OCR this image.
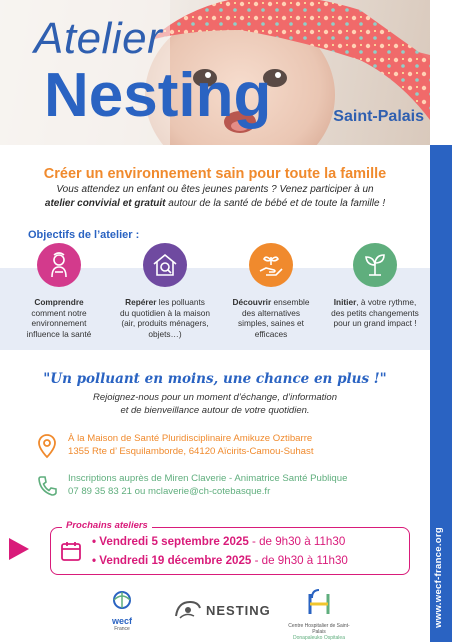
Atelier
Nesting	Saint-Palais
www.wecf-france.org
Créer un environnement sain pour toute la famille
Vous attendez un enfant ou êtes jeunes parents ? Venez participer à un
atelier convivial et gratuit autour de la santé de bébé et de toute la famille !
Objectifs de l’atelier :
Comprendre
comment notre environnement influence la santé
Repérer les polluants du quotidien à la maison (air, produits ménagers, objets…)
Découvrir ensemble des alternatives simples, saines et efficaces
Initier, à votre rythme, des petits changements pour un grand impact !
"Un polluant en moins, une chance en plus !"
Rejoignez-nous pour un moment d’échange, d’information
et de bienveillance autour de votre quotidien.
À la Maison de Santé Pluridisciplinaire Amikuze Oztibarre
1355 Rte d’ Esquilamborde, 64120 Aïcirits-Camou-Suhast
Inscriptions auprès de Miren Claverie - Animatrice Santé Publique
07 89 35 83 21 ou mclaverie@ch-cotebasque.fr
Prochains ateliers
• Vendredi 5 septembre 2025 - de 9h30 à 11h30
• Vendredi 19 décembre 2025 - de 9h30 à 11h30
wecf
France
NESTING
Centre Hospitalier de Saint-Palais
Donapaleuko Ospitalea
